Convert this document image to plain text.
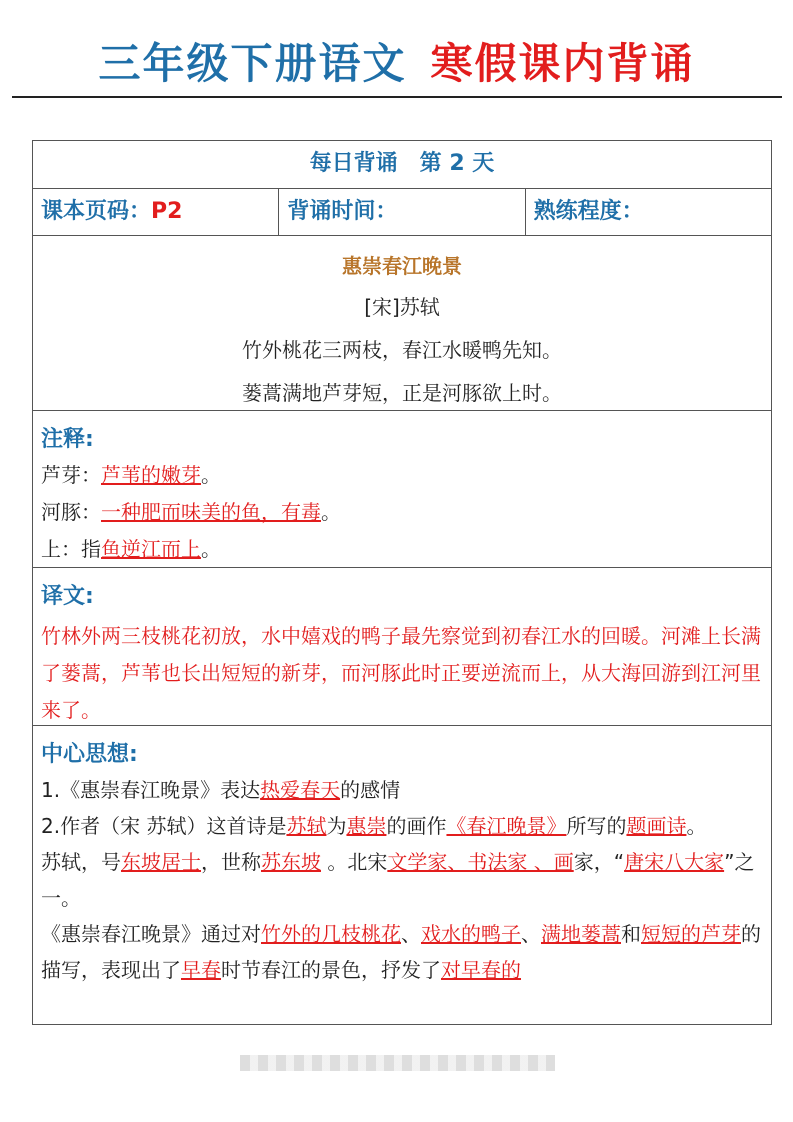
三年级下册语文 寒假课内背诵
每日背诵　第 2 天
课本页码：P2	背诵时间：	熟练程度：
惠崇春江晚景
[宋]苏轼
竹外桃花三两枝，春江水暖鸭先知。
蒌蒿满地芦芽短，正是河豚欲上时。
注释:
芦芽：芦苇的嫩芽。
河豚：一种肥而味美的鱼，有毒。
上：指鱼逆江而上。
译文:
竹林外两三枝桃花初放，水中嬉戏的鸭子最先察觉到初春江水的回暖。河滩上长满了蒌蒿，芦苇也长出短短的新芽，而河豚此时正要逆流而上，从大海回游到江河里来了。
中心思想:
1.《惠崇春江晚景》表达热爱春天的感情
2.作者（宋 苏轼）这首诗是苏轼为惠崇的画作《春江晚景》所写的题画诗。
苏轼，号东坡居士，世称苏东坡 。北宋文学家、书法家 、画家，“唐宋八大家”之一。
《惠崇春江晚景》通过对竹外的几枝桃花、戏水的鸭子、满地蒌蒿和短短的芦芽的描写，表现出了早春时节春江的景色，抒发了对早春的
